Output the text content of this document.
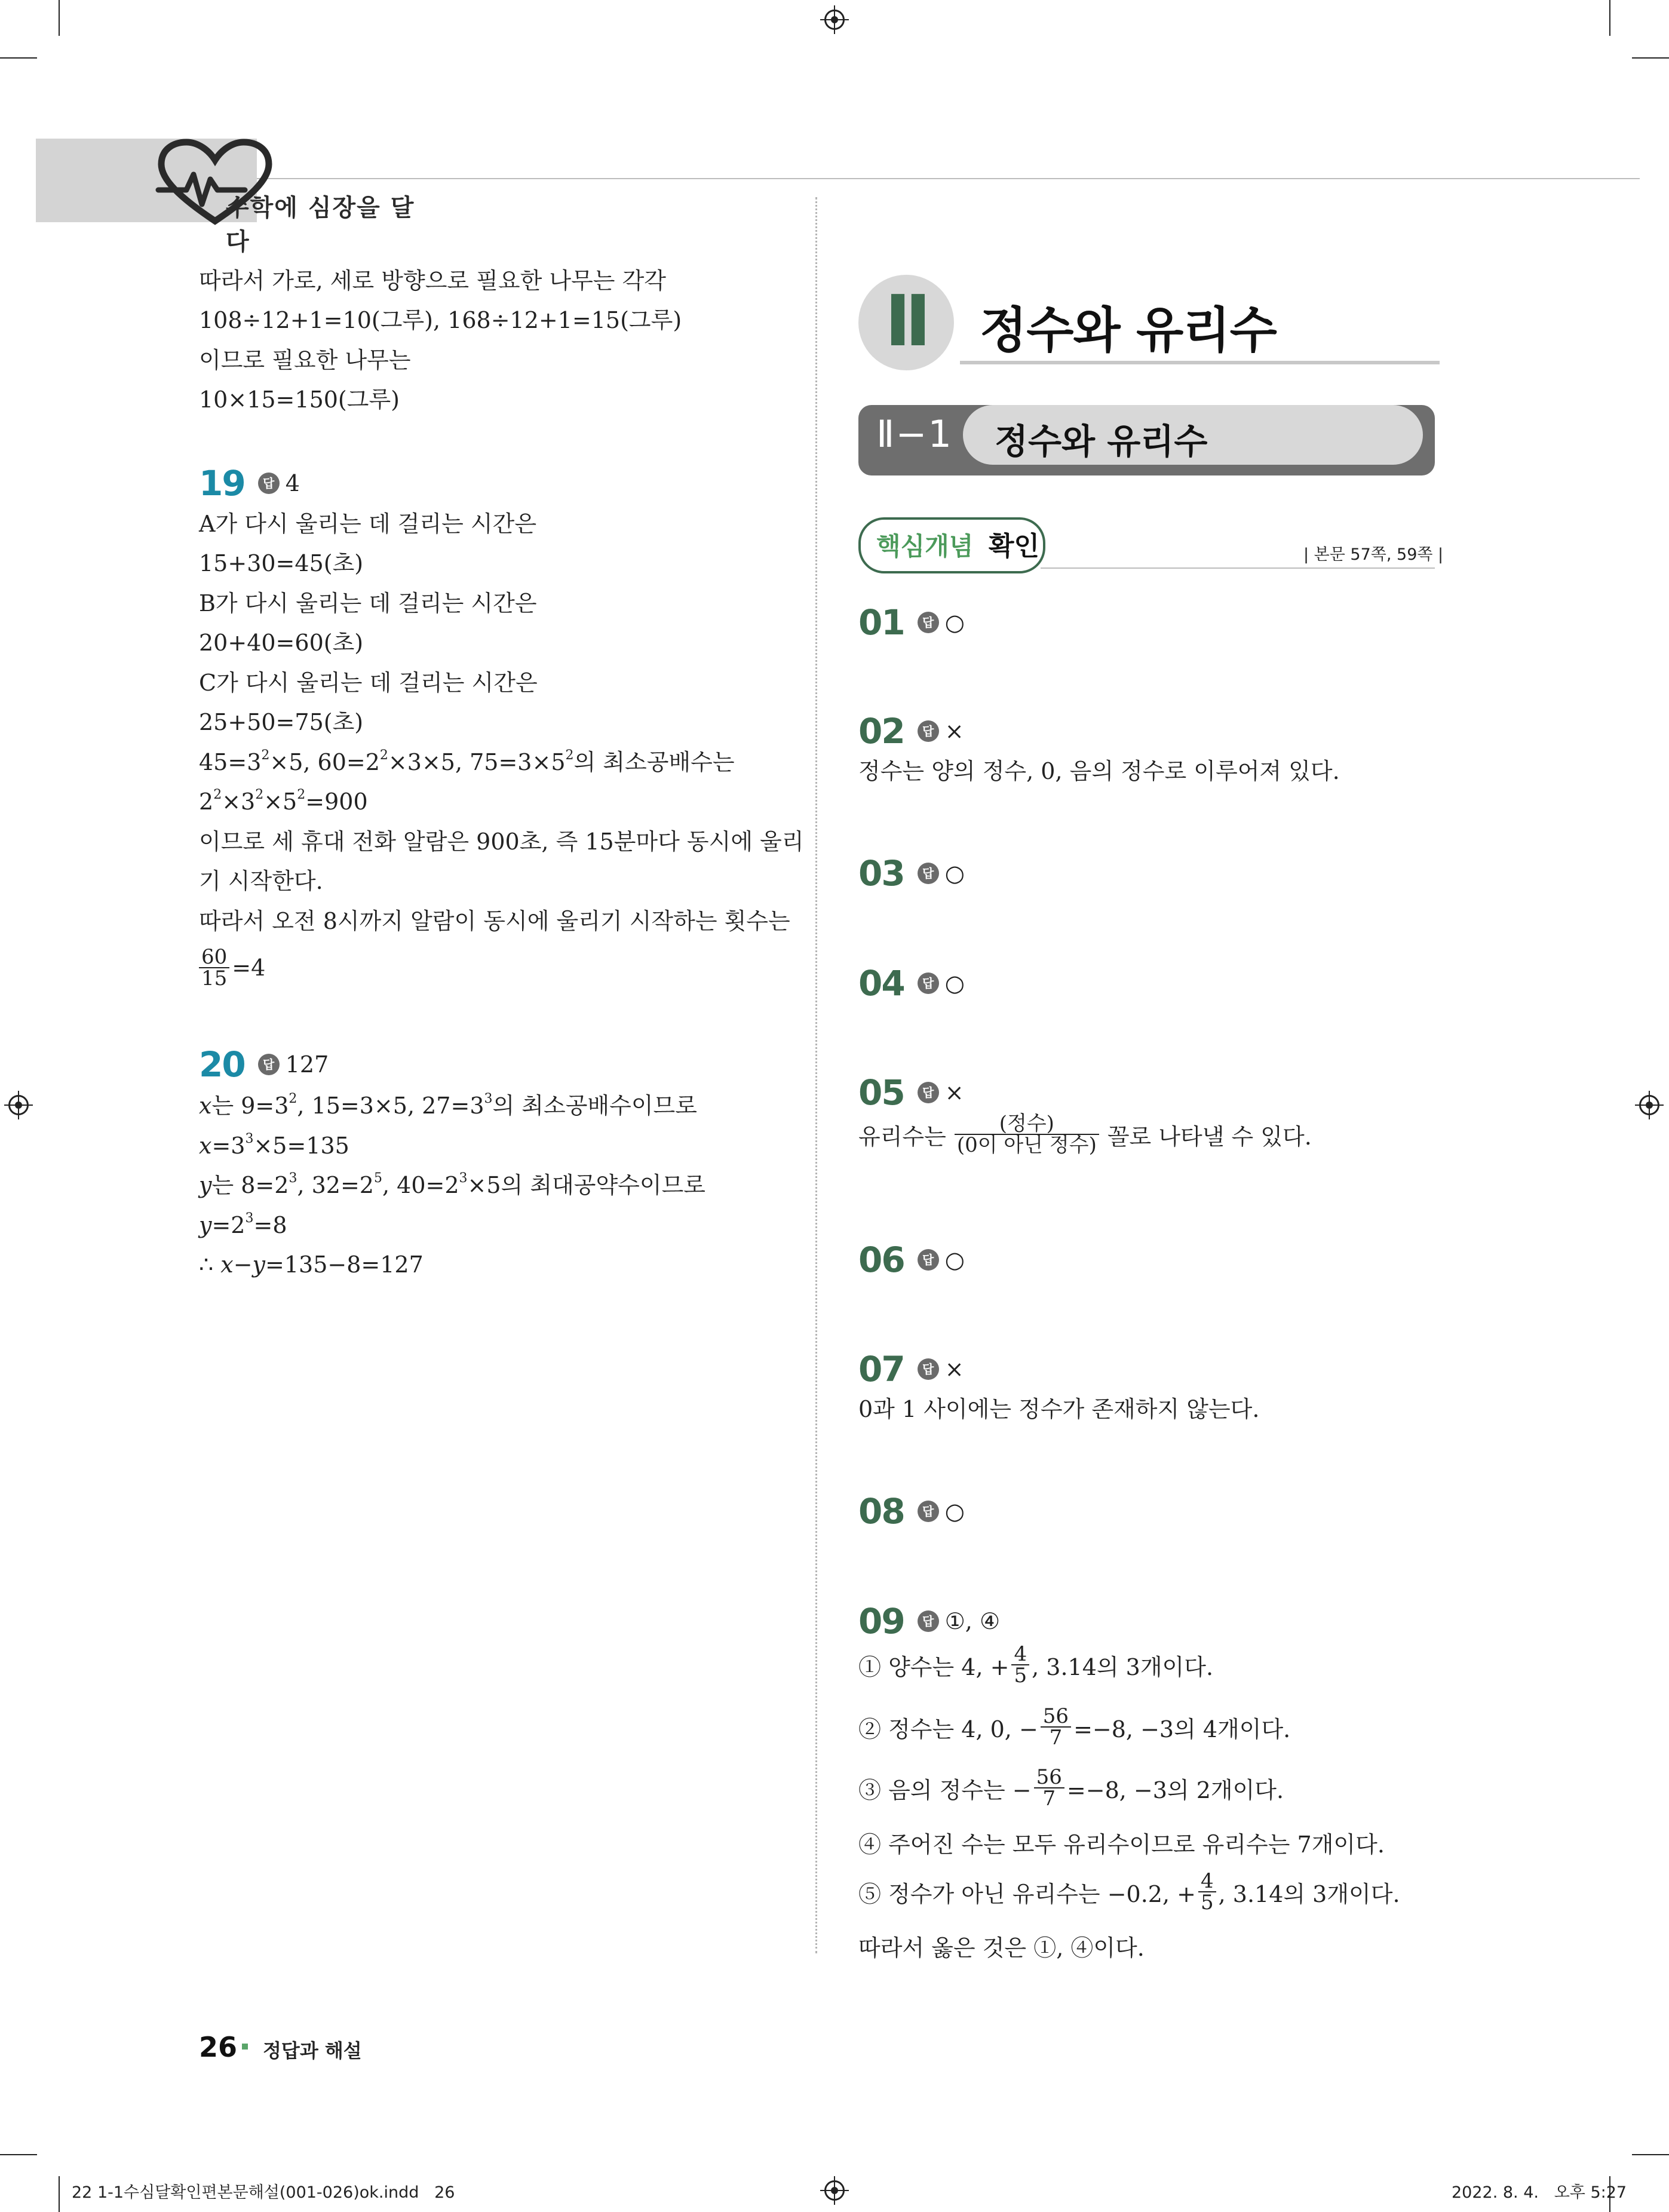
수학에 심장을 달다
따라서 가로, 세로 방향으로 필요한 나무는 각각
108÷12+1=10(그루), 168÷12+1=15(그루)
이므로 필요한 나무는
10×15=150(그루)
19	답 4
A가 다시 울리는 데 걸리는 시간은
15+30=45(초)
B가 다시 울리는 데 걸리는 시간은
20+40=60(초)
C가 다시 울리는 데 걸리는 시간은
25+50=75(초)
$45=3^2\times 5$, $60=2^2\times 3\times 5$, $75=3\times 5^2$의 최소공배수는
$2^2\times 3^2\times 5^2=900$
이므로 세 휴대 전화 알람은 900초, 즉 15분마다 동시에 울리
기 시작한다.
따라서 오전 8시까지 알람이 동시에 울리기 시작하는 횟수는
$\frac{60}{15} =4$
20	답 127
x는 $9=3^2$, 15=3×5, $27=3^3$의 최소공배수이므로
$x=3^3\times 5=135$
y는 $8=2^3$, $32=2^5$, $40=2^3\times 5$의 최대공약수이므로
$y=2^3=8$
∴ x−y=135−8=127
Ⅱ 정수와 유리수
Ⅱ−1 정수와 유리수
핵심개념 확인	| 본문 57쪽, 59쪽 |
01	답 ○
02	답 ×
정수는 양의 정수, 0, 음의 정수로 이루어져 있다.
03	답 ○
04	답 ○
05	답 ×
유리수는 $\frac{\text{(정수)}}{\text{(0이 아닌 정수)}}$ 꼴로 나타낼 수 있다.
06	답 ○
07	답 ×
0과 1 사이에는 정수가 존재하지 않는다.
08	답 ○
09	답 ①, ④
① 양수는 4, + $\frac{4}{5}$ , 3.14의 3개이다.
② 정수는 4, 0, − $\frac{56}{7} =-8$, −3의 4개이다.
③ 음의 정수는 − $\frac{56}{7} =-8$, −3의 2개이다.
④ 주어진 수는 모두 유리수이므로 유리수는 7개이다.
⑤ 정수가 아닌 유리수는 −0.2, + $\frac{4}{5}$ , 3.14의 3개이다.
따라서 옳은 것은 ①, ④이다.
26 정답과 해설
22 1-1수심달확인편본문해설(001-026)ok.indd   26	2022. 8. 4.   오후 5:27
